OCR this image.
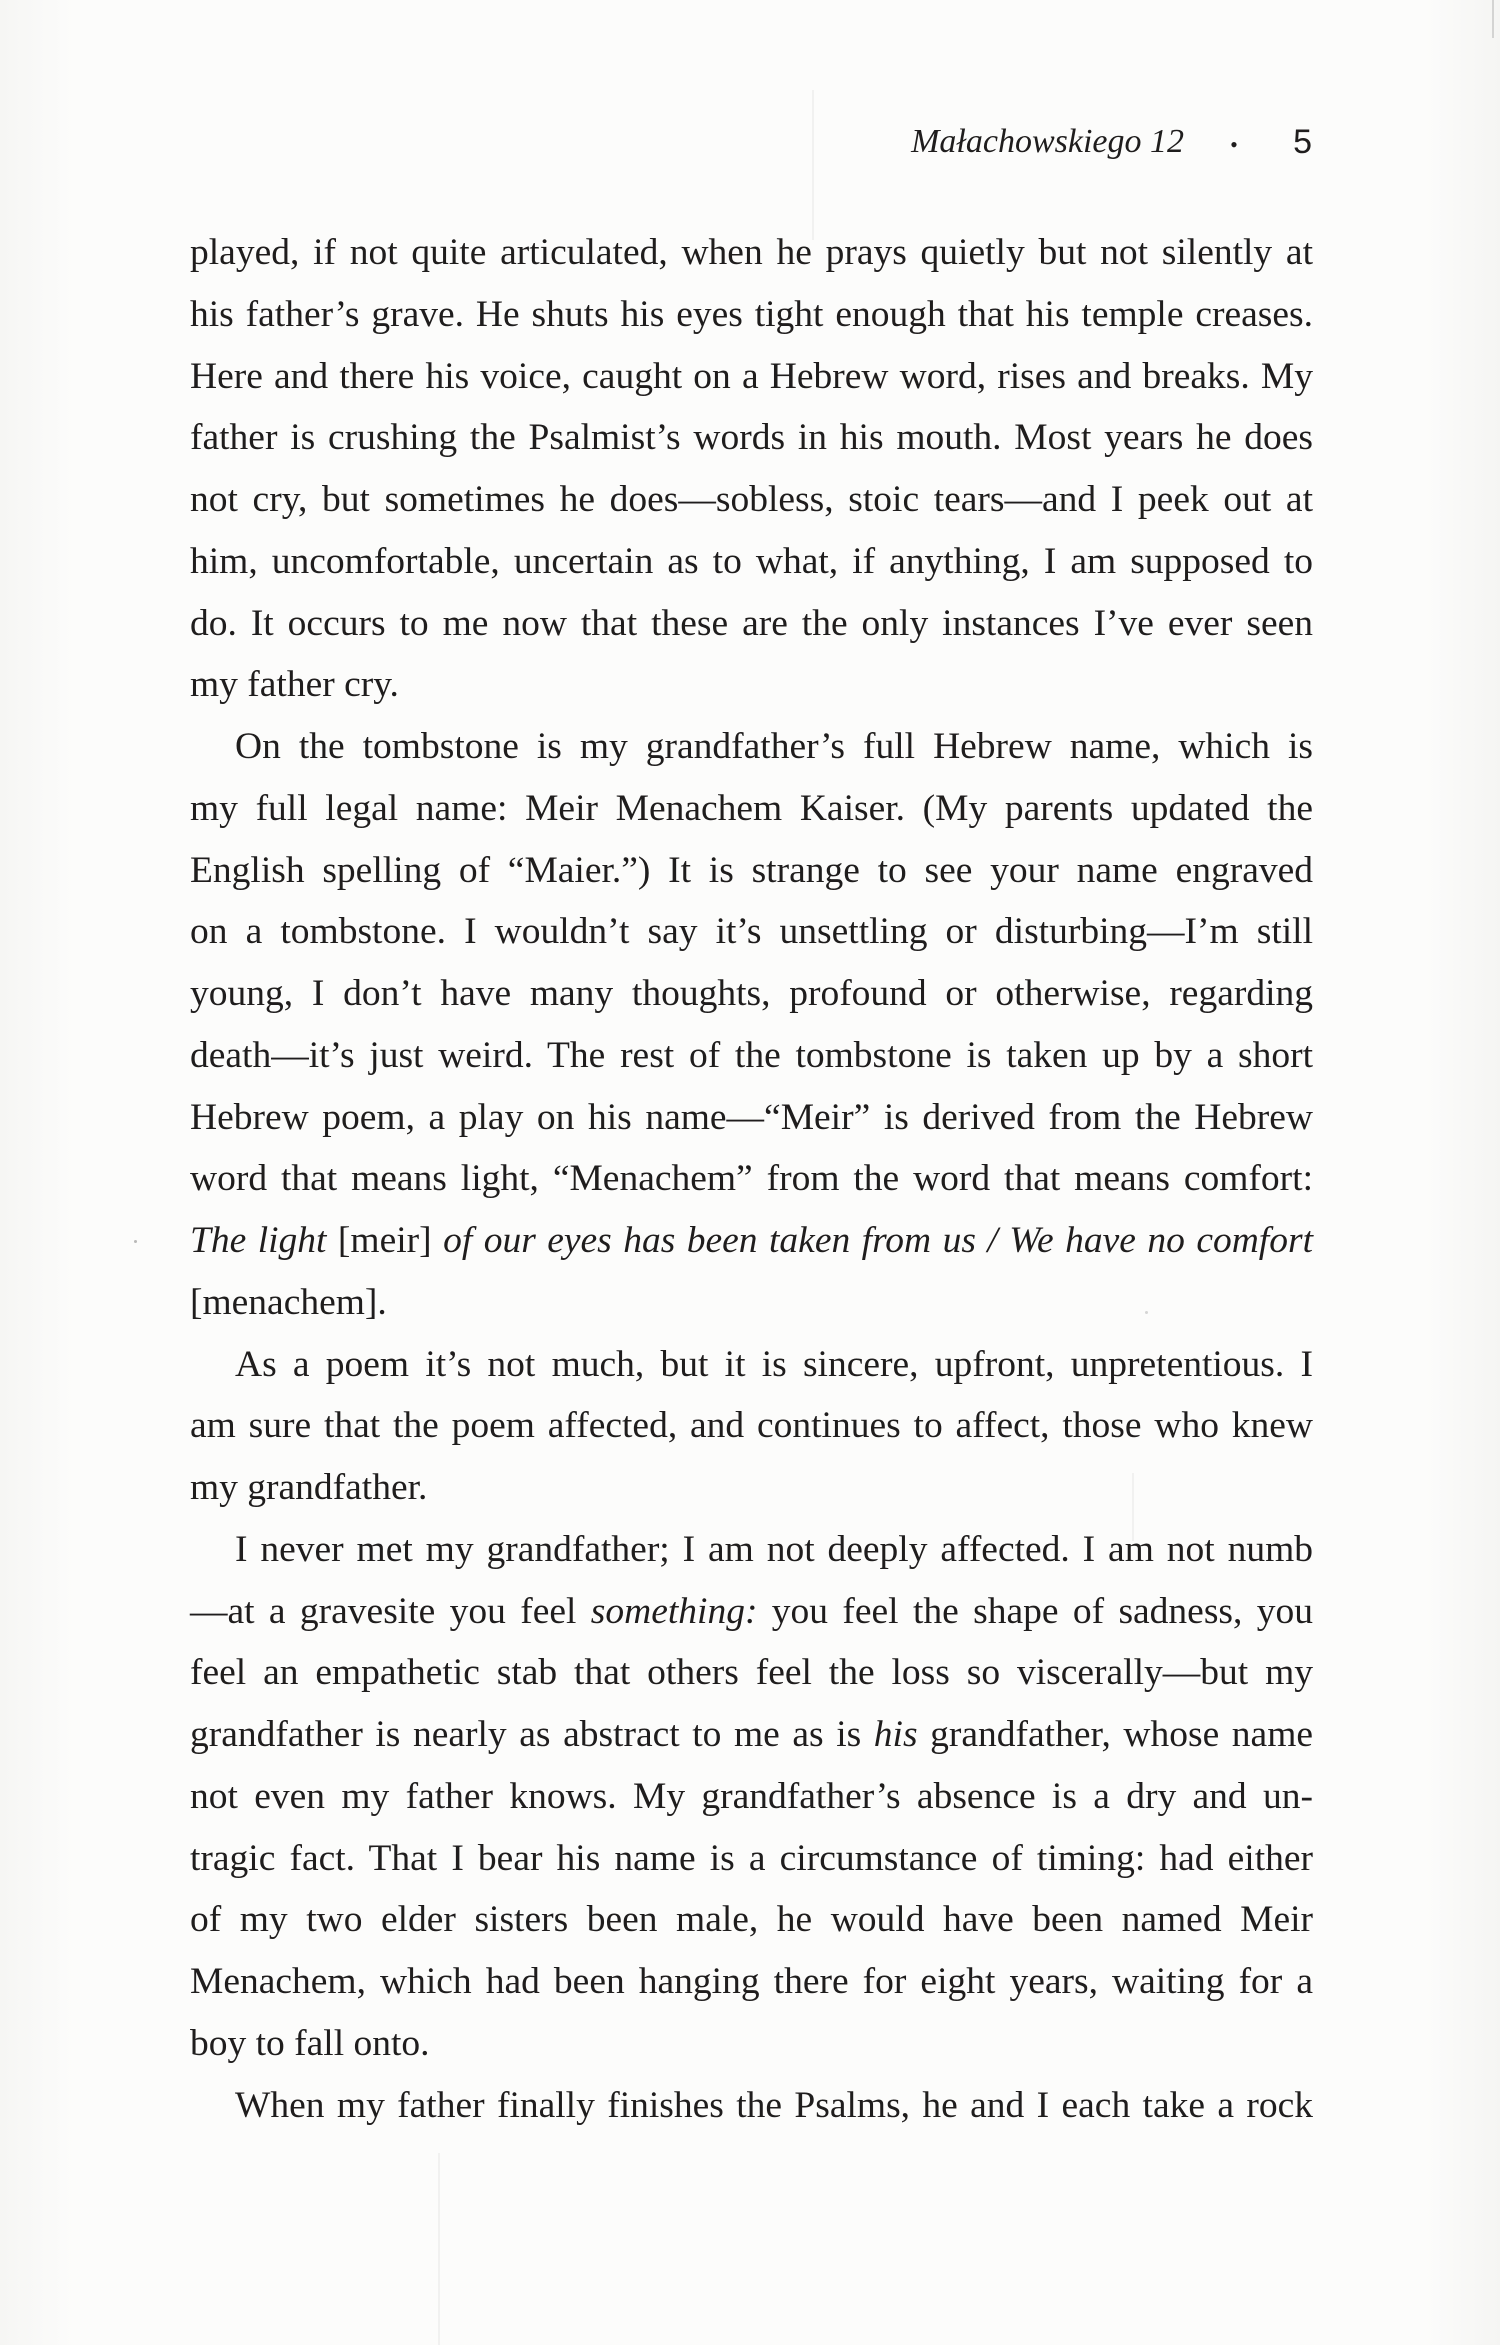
Małachowskiego 12	• 5
played, if not quite articulated, when he prays quietly but not silently at
his father’s grave. He shuts his eyes tight enough that his temple creases.
Here and there his voice, caught on a Hebrew word, rises and breaks. My
father is crushing the Psalmist’s words in his mouth. Most years he does
not cry, but sometimes he does—sobless, stoic tears—and I peek out at
him, uncomfortable, uncertain as to what, if anything, I am supposed to
do. It occurs to me now that these are the only instances I’ve ever seen
my father cry.
On the tombstone is my grandfather’s full Hebrew name, which is
my full legal name: Meir Menachem Kaiser. (My parents updated the
English spelling of “Maier.”) It is strange to see your name engraved
on a tombstone. I wouldn’t say it’s unsettling or disturbing—I’m still
young, I don’t have many thoughts, profound or otherwise, regarding
death—it’s just weird. The rest of the tombstone is taken up by a short
Hebrew poem, a play on his name—“Meir” is derived from the Hebrew
word that means light, “Menachem” from the word that means comfort:
The light [meir] of our eyes has been taken from us / We have no comfort
[menachem].
As a poem it’s not much, but it is sincere, upfront, unpretentious. I
am sure that the poem affected, and continues to affect, those who knew
my grandfather.
I never met my grandfather; I am not deeply affected. I am not numb
—at a gravesite you feel something: you feel the shape of sadness, you
feel an empathetic stab that others feel the loss so viscerally—but my
grandfather is nearly as abstract to me as is his grandfather, whose name
not even my father knows. My grandfather’s absence is a dry and un-
tragic fact. That I bear his name is a circumstance of timing: had either
of my two elder sisters been male, he would have been named Meir
Menachem, which had been hanging there for eight years, waiting for a
boy to fall onto.
When my father finally finishes the Psalms, he and I each take a rock
